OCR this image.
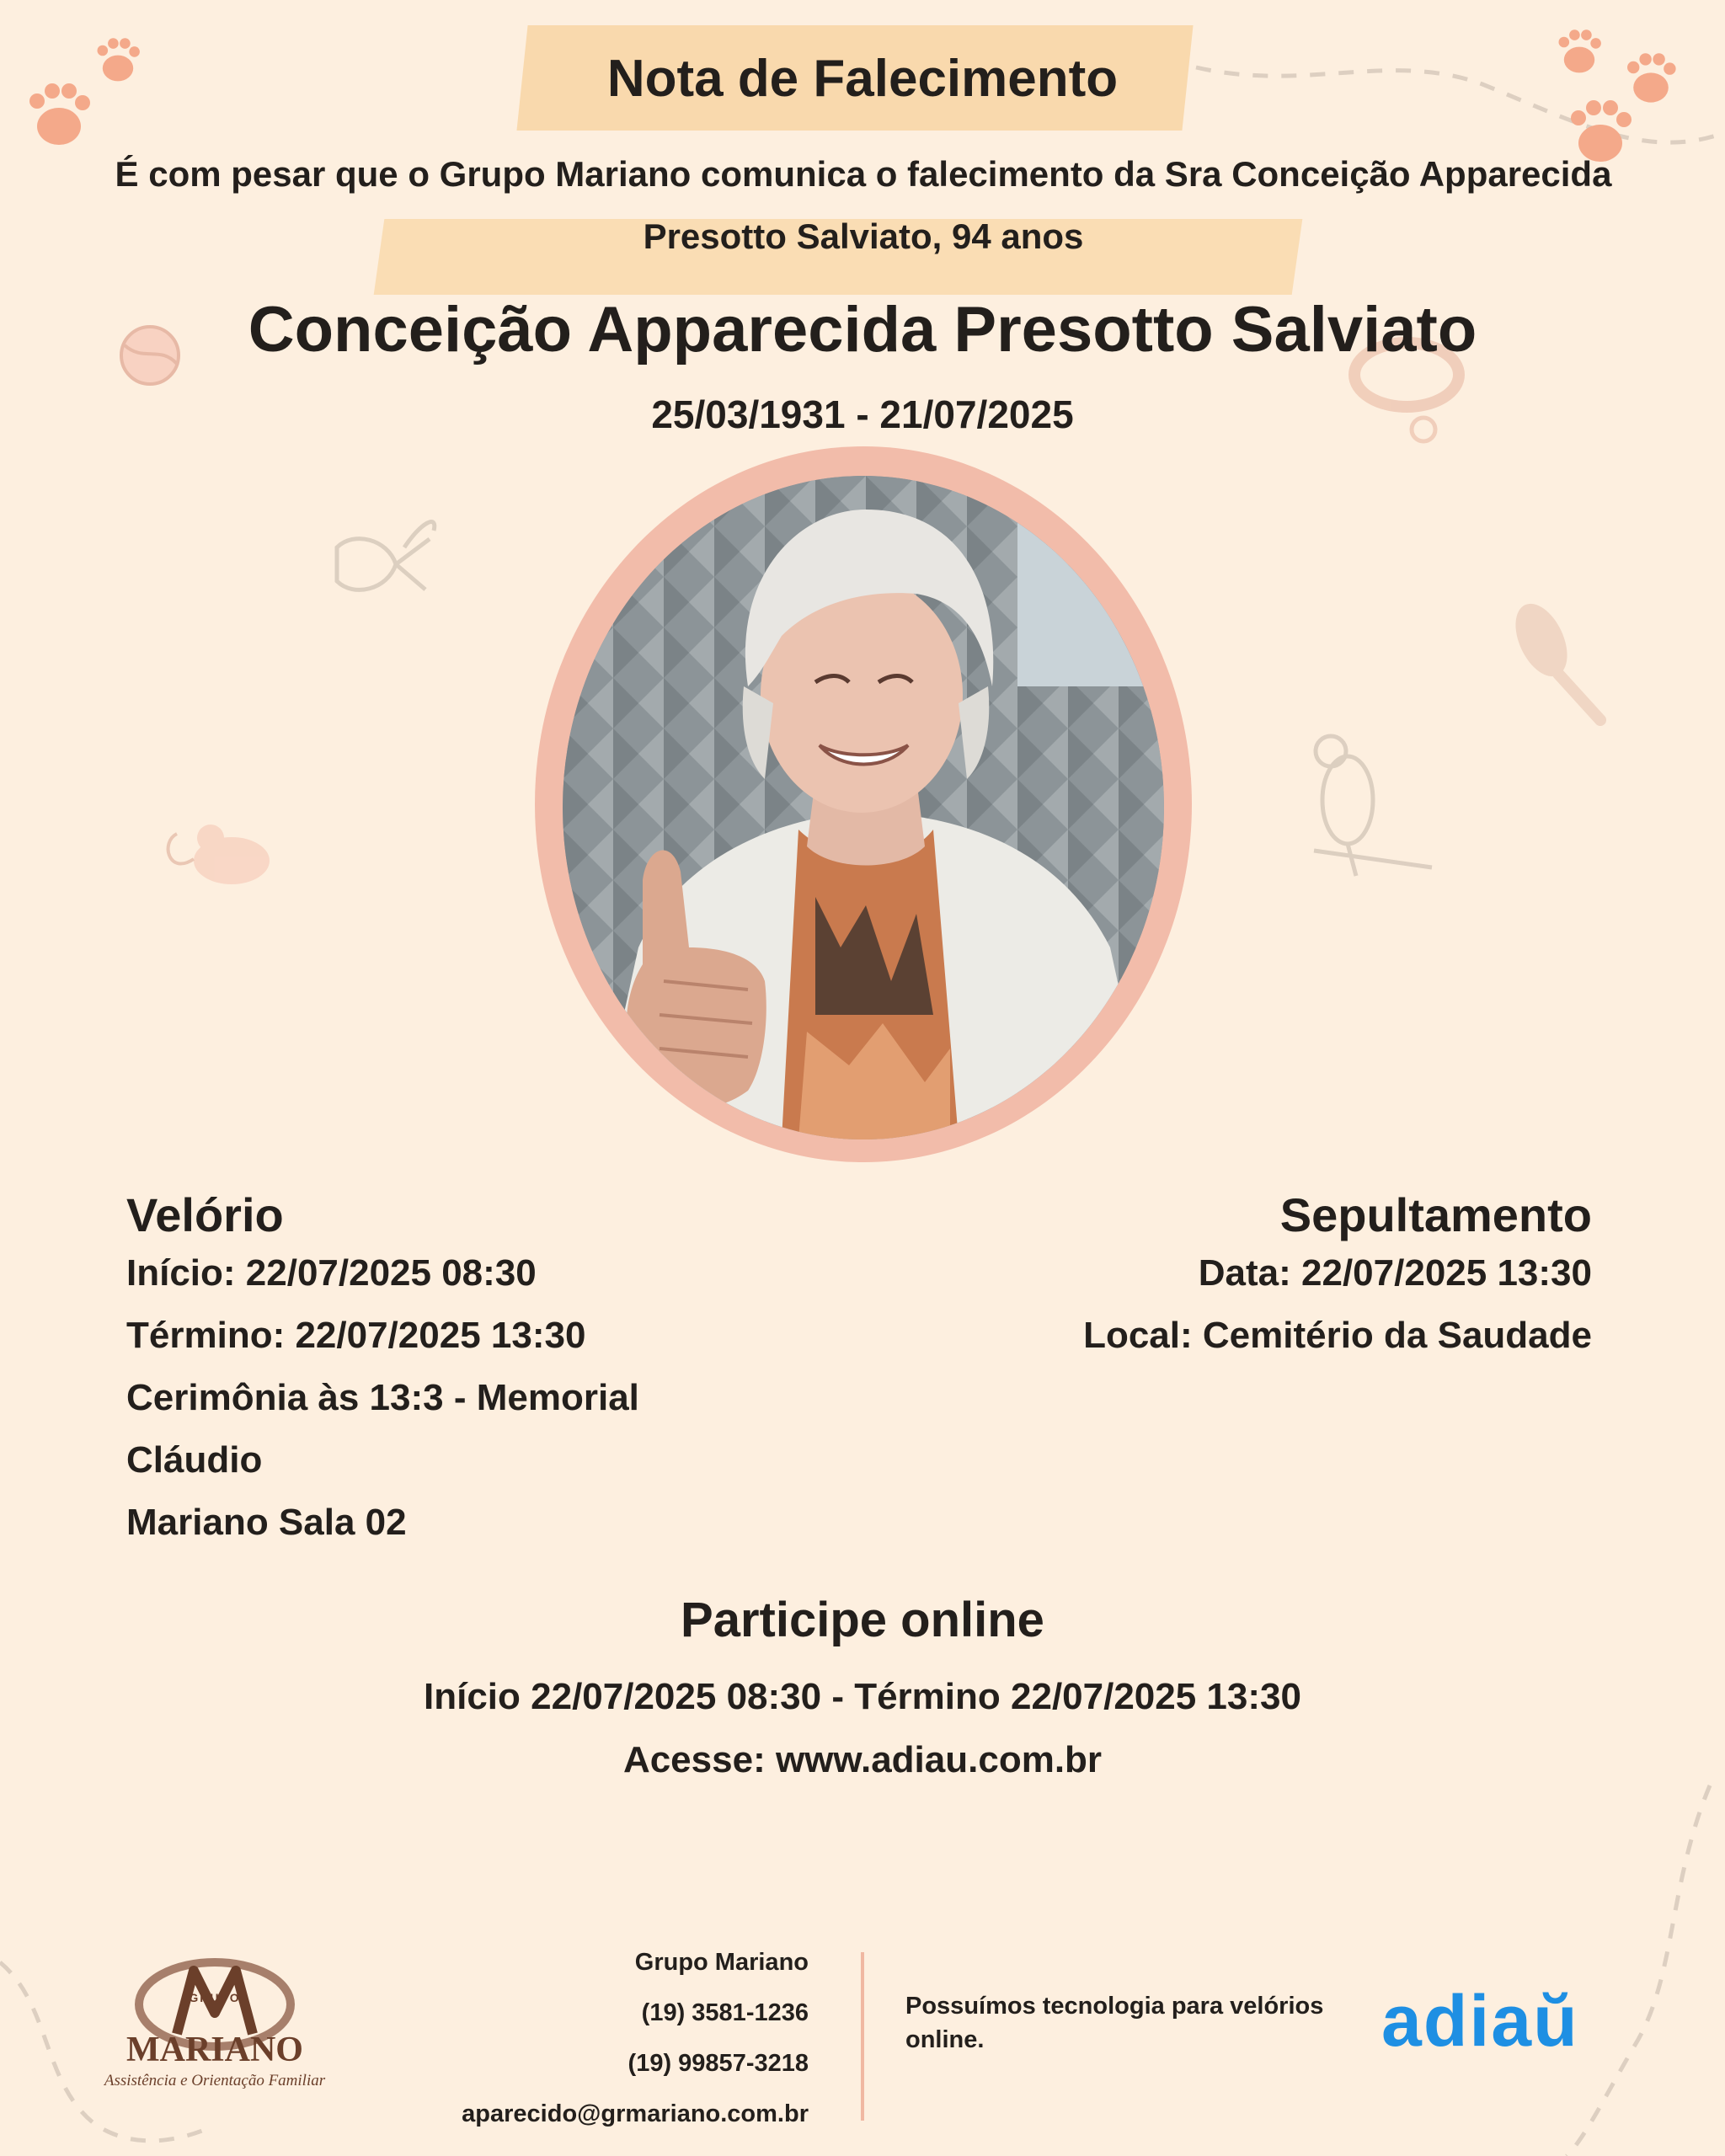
Nota de Falecimento
É com pesar que o Grupo Mariano comunica o falecimento da Sra Conceição Apparecida Presotto Salviato, 94 anos
Conceição Apparecida Presotto Salviato
25/03/1931 - 21/07/2025
Velório
Início: 22/07/2025 08:30
Término: 22/07/2025 13:30
Cerimônia às 13:3 - Memorial Cláudio
Mariano Sala 02
Sepultamento
Data: 22/07/2025 13:30
Local: Cemitério da Saudade
Participe online
Início 22/07/2025 08:30 - Término 22/07/2025 13:30
Acesse: www.adiau.com.br
GRUPO
MARIANO
Assistência e Orientação Familiar
Grupo Mariano
(19) 3581-1236
(19) 99857-3218
aparecido@grmariano.com.br
Possuímos tecnologia para velórios online.	adiaŭ
